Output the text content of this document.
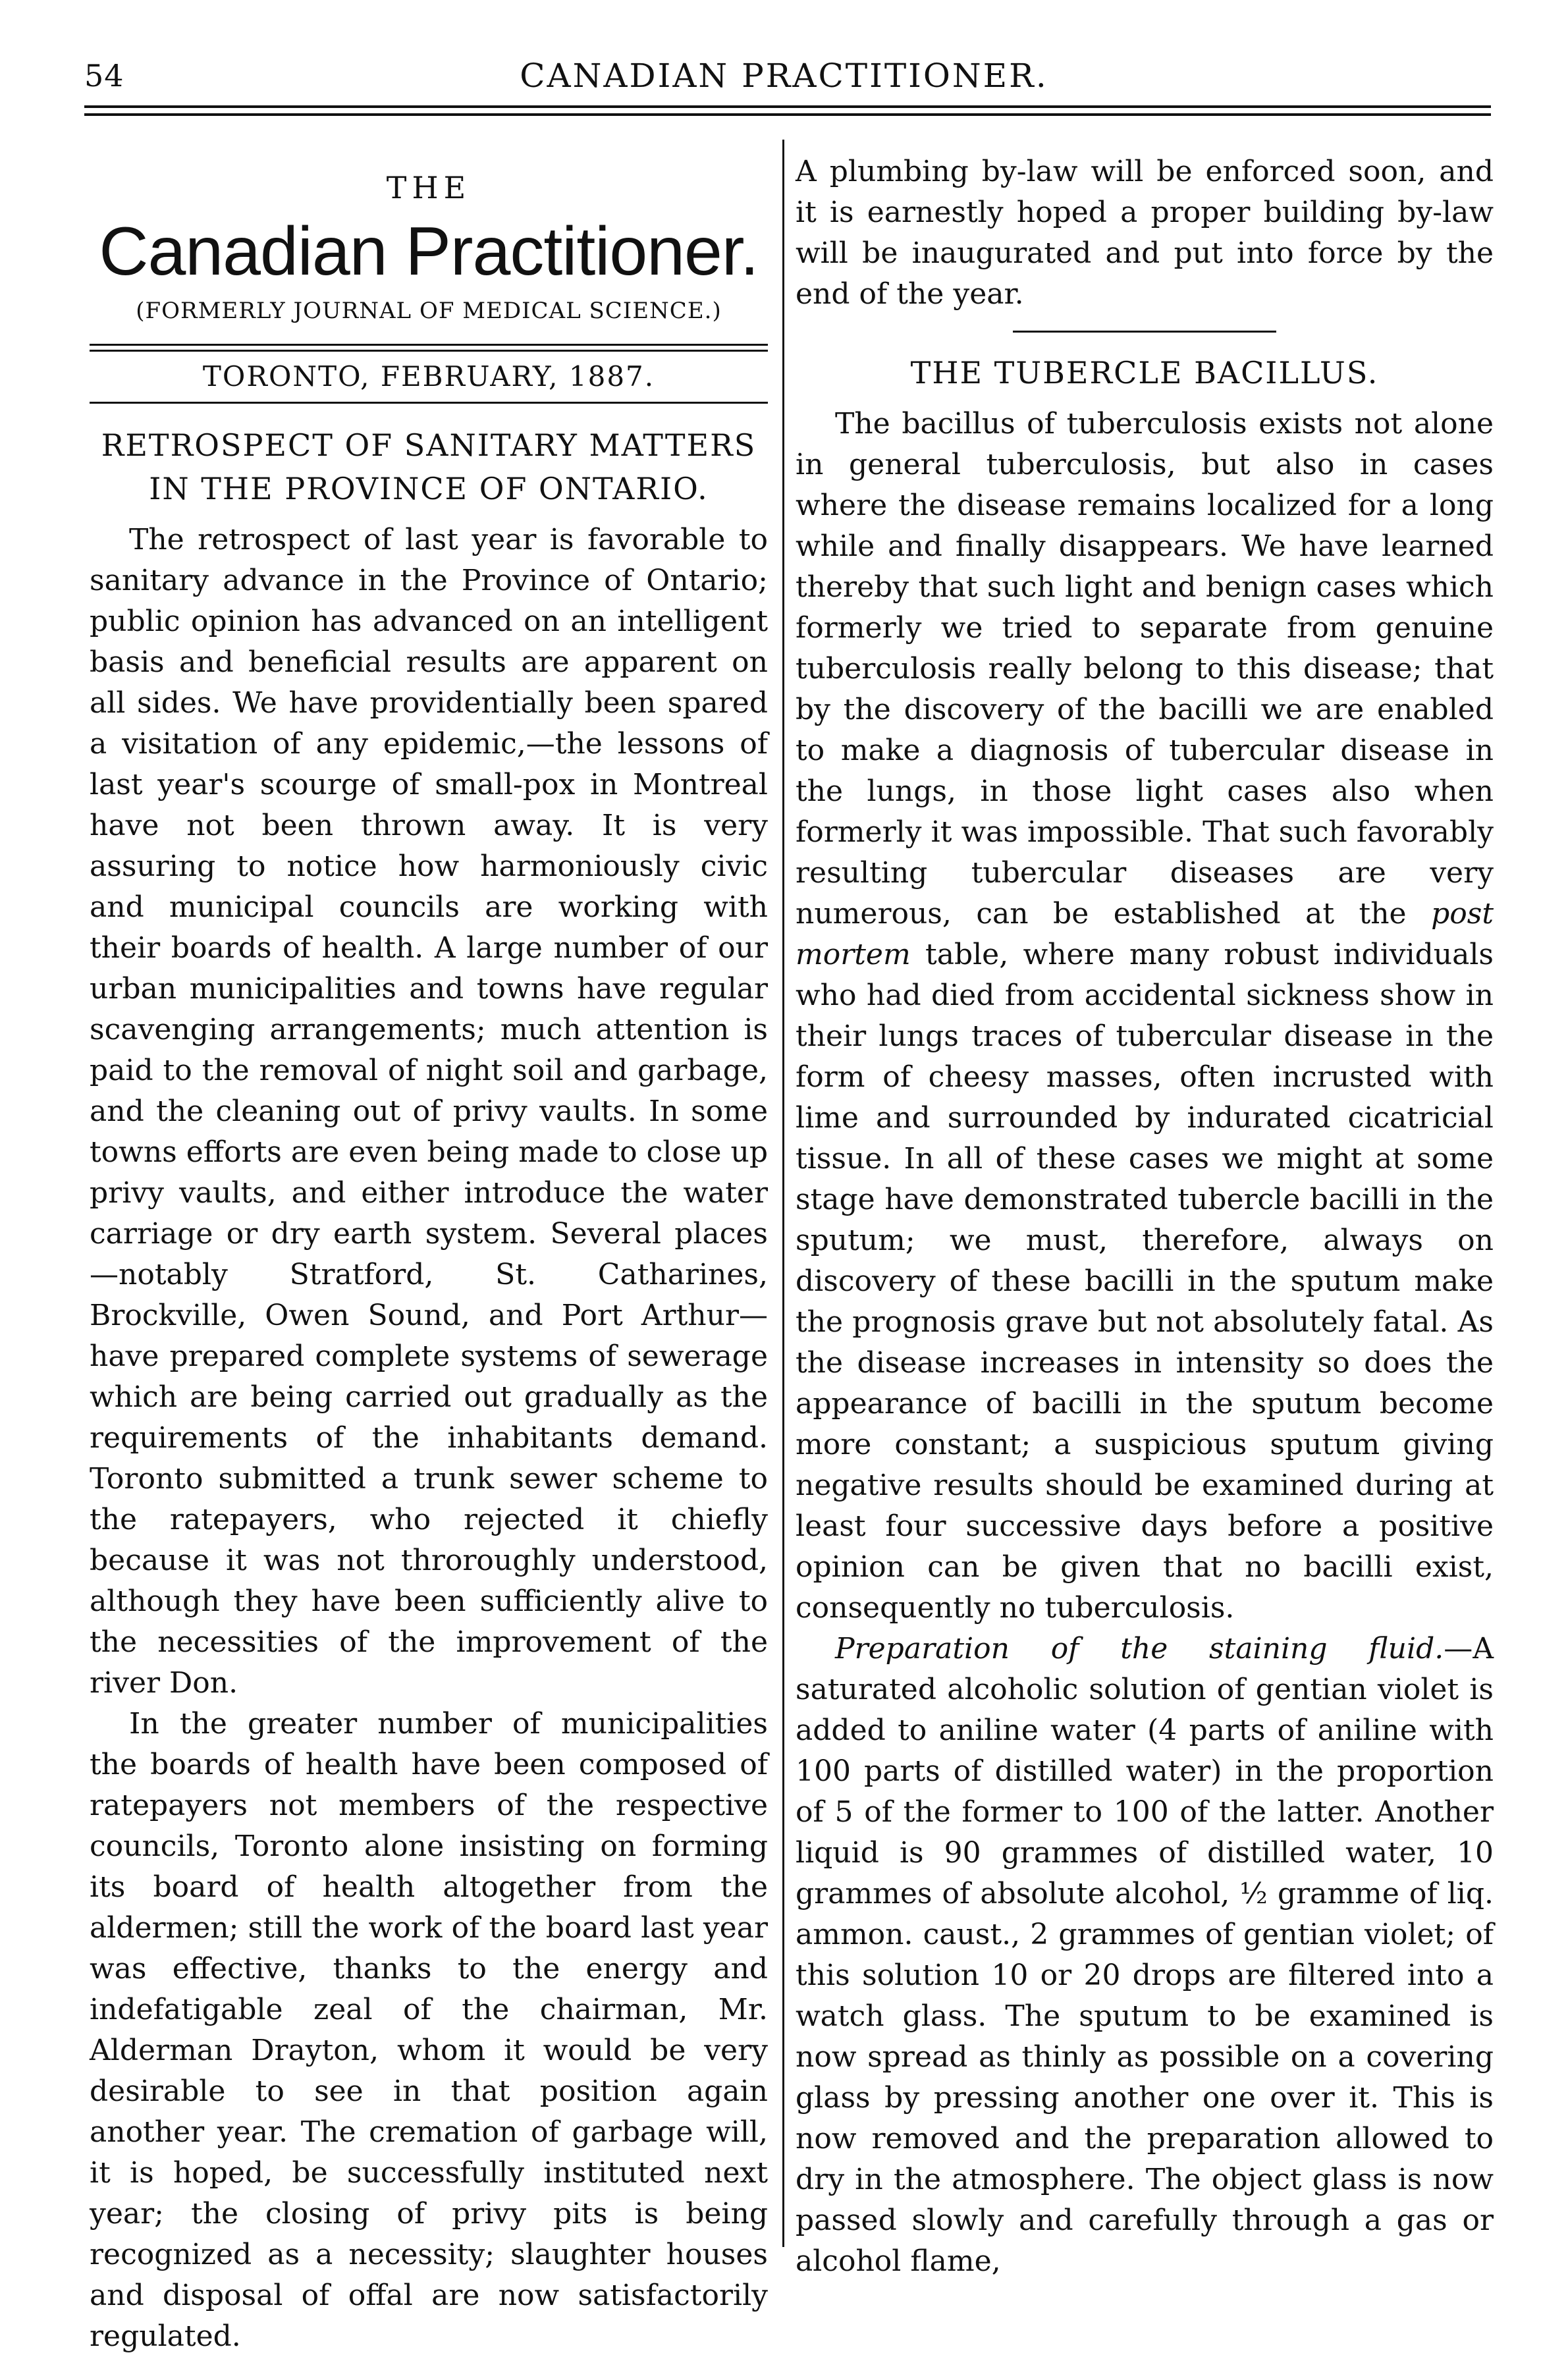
54	CANADIAN PRACTITIONER.
THE
Canadian Practitioner.
(FORMERLY JOURNAL OF MEDICAL SCIENCE.)
TORONTO, FEBRUARY, 1887.
RETROSPECT OF SANITARY MATTERS
IN THE PROVINCE OF ONTARIO.

The retrospect of last year is favorable to sanitary advance in the Province of Ontario; public opinion has advanced on an intelligent basis and beneficial results are apparent on all sides. We have providentially been spared a visitation of any epidemic,—the lessons of last year's scourge of small-pox in Montreal have not been thrown away. It is very assuring to notice how harmoniously civic and municipal councils are working with their boards of health. A large number of our urban municipalities and towns have regular scavenging arrangements; much attention is paid to the removal of night soil and garbage, and the cleaning out of privy vaults. In some towns efforts are even being made to close up privy vaults, and either introduce the water carriage or dry earth system. Several places—notably Stratford, St. Catharines, Brockville, Owen Sound, and Port Arthur—have prepared complete systems of sewerage which are being carried out gradually as the requirements of the inhabitants demand. Toronto submitted a trunk sewer scheme to the ratepayers, who rejected it chiefly because it was not throroughly understood, although they have been sufficiently alive to the necessities of the improvement of the river Don.

In the greater number of municipalities the boards of health have been composed of ratepayers not members of the respective councils, Toronto alone insisting on forming its board of health altogether from the aldermen; still the work of the board last year was effective, thanks to the energy and indefatigable zeal of the chairman, Mr. Alderman Drayton, whom it would be very desirable to see in that position again another year. The cremation of garbage will, it is hoped, be successfully instituted next year; the closing of privy pits is being recognized as a necessity; slaughter houses and disposal of offal are now satisfactorily regulated.

A plumbing by-law will be enforced soon, and it is earnestly hoped a proper building by-law will be inaugurated and put into force by the end of the year.

THE TUBERCLE BACILLUS.

The bacillus of tuberculosis exists not alone in general tuberculosis, but also in cases where the disease remains localized for a long while and finally disappears. We have learned thereby that such light and benign cases which formerly we tried to separate from genuine tuberculosis really belong to this disease; that by the discovery of the bacilli we are enabled to make a diagnosis of tubercular disease in the lungs, in those light cases also when formerly it was impossible. That such favorably resulting tubercular diseases are very numerous, can be established at the post mortem table, where many robust individuals who had died from accidental sickness show in their lungs traces of tubercular disease in the form of cheesy masses, often incrusted with lime and surrounded by indurated cicatricial tissue. In all of these cases we might at some stage have demonstrated tubercle bacilli in the sputum; we must, therefore, always on discovery of these bacilli in the sputum make the prognosis grave but not absolutely fatal. As the disease increases in intensity so does the appearance of bacilli in the sputum become more constant; a suspicious sputum giving negative results should be examined during at least four successive days before a positive opinion can be given that no bacilli exist, consequently no tuberculosis.

Preparation of the staining fluid.—A saturated alcoholic solution of gentian violet is added to aniline water (4 parts of aniline with 100 parts of distilled water) in the proportion of 5 of the former to 100 of the latter. Another liquid is 90 grammes of distilled water, 10 grammes of absolute alcohol, ½ gramme of liq. ammon. caust., 2 grammes of gentian violet; of this solution 10 or 20 drops are filtered into a watch glass. The sputum to be examined is now spread as thinly as possible on a covering glass by pressing another one over it. This is now removed and the preparation allowed to dry in the atmosphere. The object glass is now passed slowly and carefully through a gas or alcohol flame,
